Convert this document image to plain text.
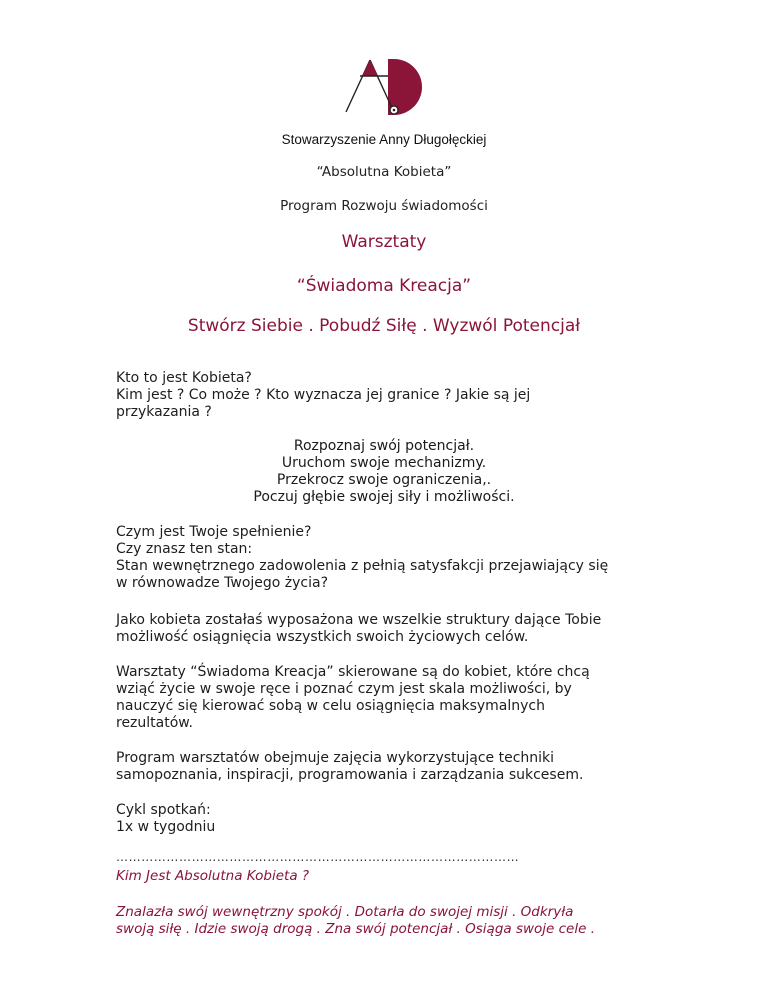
Stowarzyszenie Anny Długołęckiej
“Absolutna Kobieta”
Program Rozwoju świadomości
Warsztaty
“Świadoma Kreacja”
Stwórz Siebie . Pobudź Siłę . Wyzwól Potencjał
Kto to jest Kobieta?
Kim jest ? Co może ? Kto wyznacza jej granice ? Jakie są jej
przykazania ?
Rozpoznaj swój potencjał.
Uruchom swoje mechanizmy.
Przekrocz swoje ograniczenia,.
Poczuj głębie swojej siły i możliwości.
Czym jest Twoje spełnienie?
Czy znasz ten stan:
Stan wewnętrznego zadowolenia z pełnią satysfakcji przejawiający się
w równowadze Twojego życia?
Jako kobieta zostałaś wyposażona we wszelkie struktury dające Tobie
możliwość osiągnięcia wszystkich swoich życiowych celów.
Warsztaty “Świadoma Kreacja” skierowane są do kobiet, które chcą
wziąć życie w swoje ręce i poznać czym jest skala możliwości, by
nauczyć się kierować sobą w celu osiągnięcia maksymalnych
rezultatów.
Program warsztatów obejmuje zajęcia wykorzystujące techniki
samopoznania, inspiracji, programowania i zarządzania sukcesem.
Cykl spotkań:
1x w tygodniu
……………………………………………………………………………………
Kim Jest Absolutna Kobieta ?
Znalazła swój wewnętrzny spokój . Dotarła do swojej misji . Odkryła
swoją siłę . Idzie swoją drogą . Zna swój potencjał . Osiąga swoje cele .
